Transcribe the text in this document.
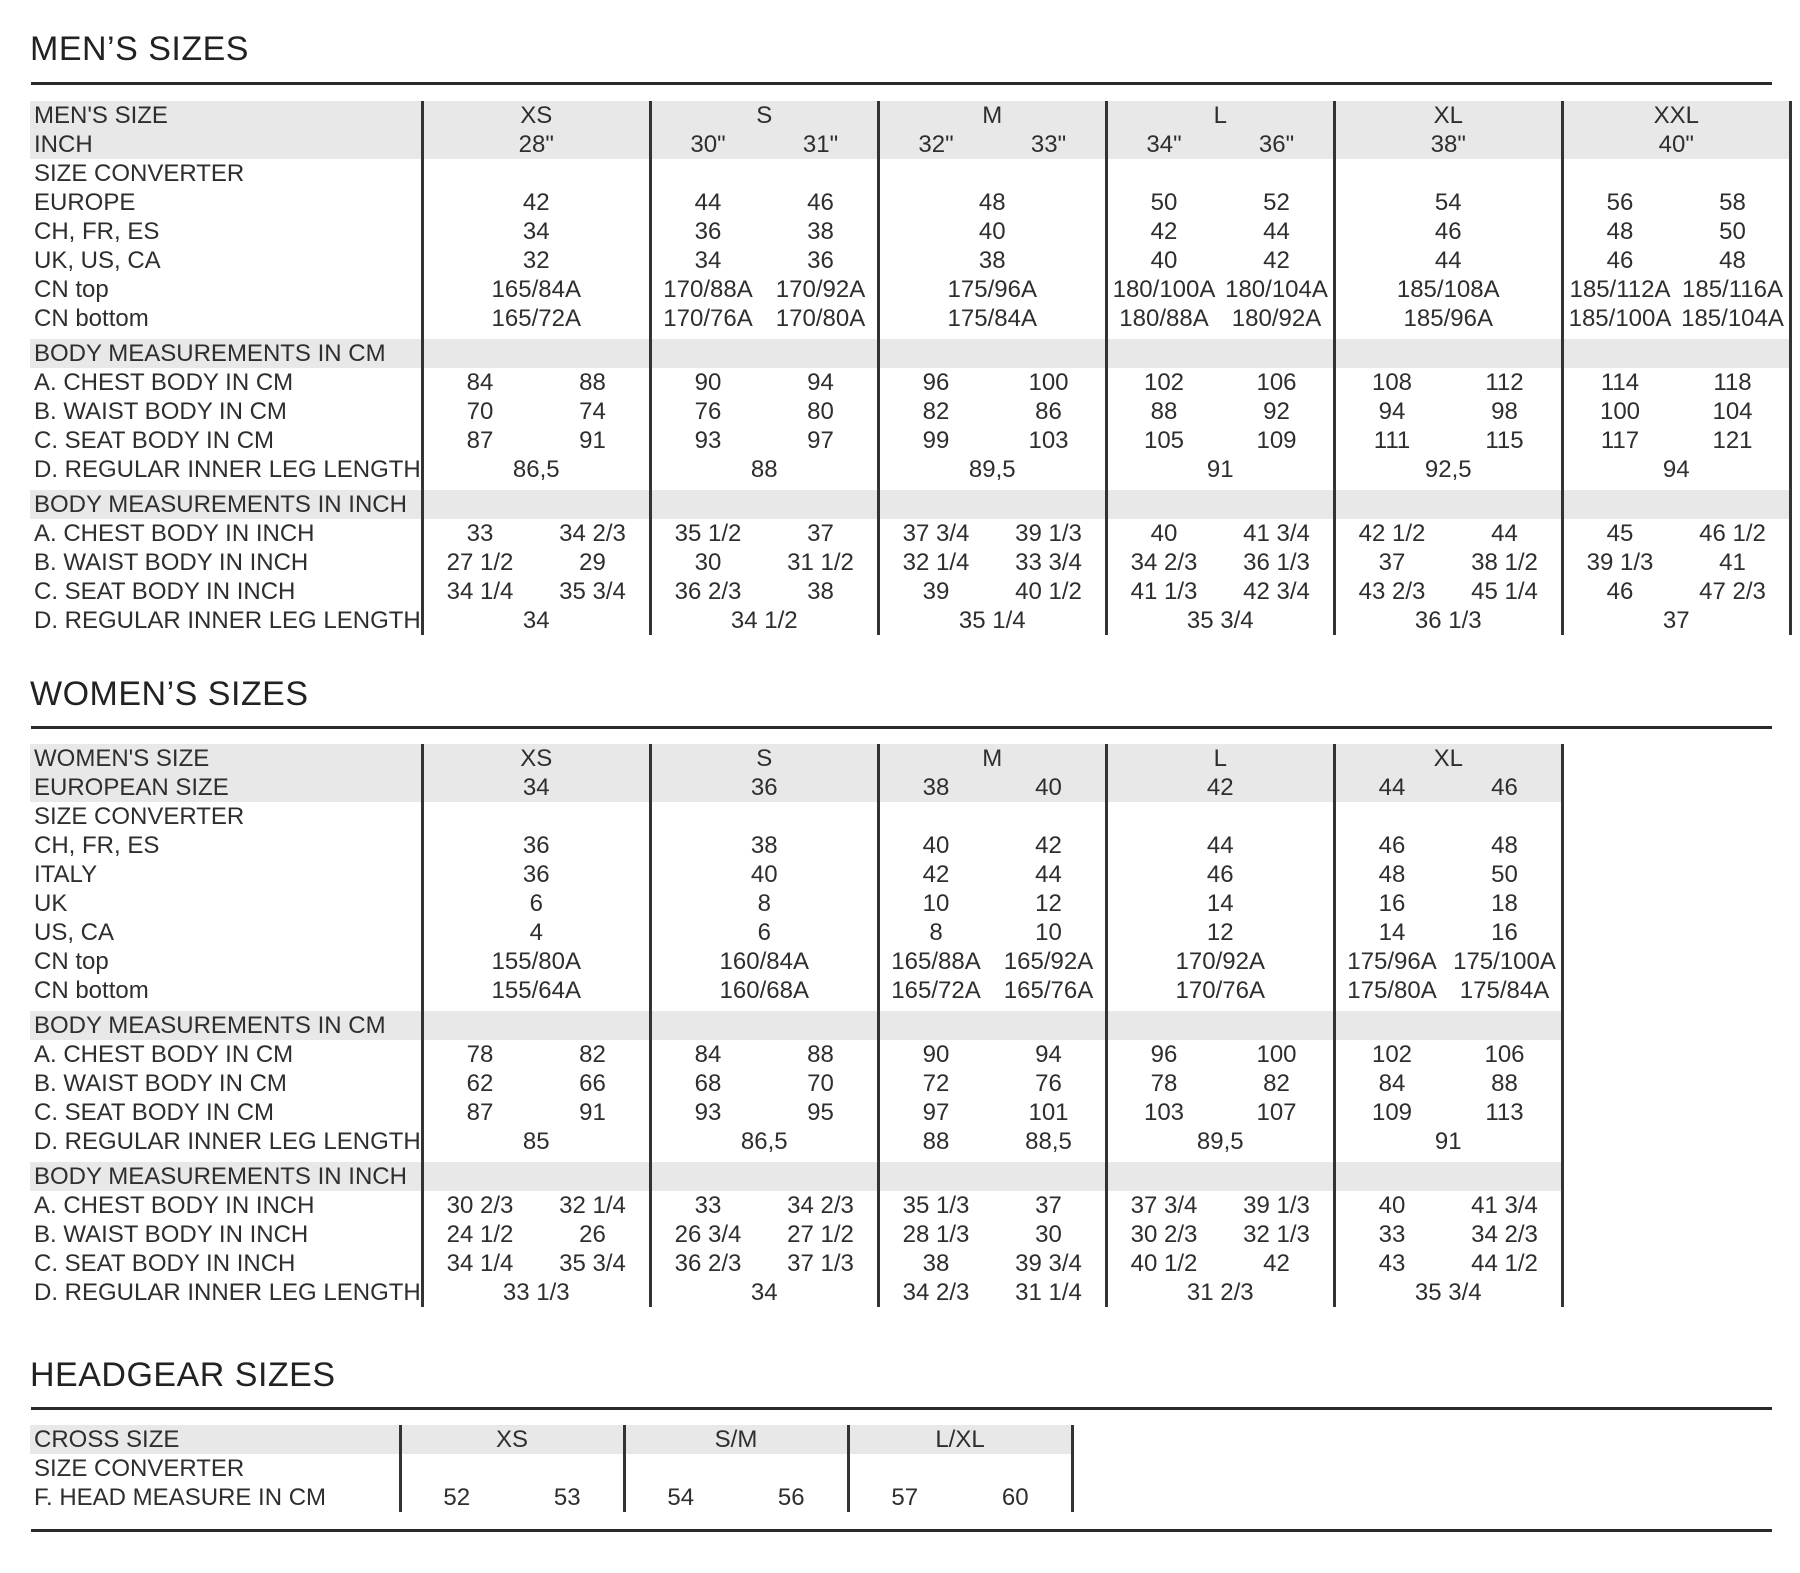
MEN’S SIZES
MEN'S SIZE	XS		S		M		L		XL		XXL	
INCH	28"		30"	31"	32"	33"	34"	36"	38"		40"	
SIZE CONVERTER												
EUROPE	42		44	46	48		50	52	54		56	58
CH, FR, ES	34		36	38	40		42	44	46		48	50
UK, US, CA	32		34	36	38		40	42	44		46	48
CN top	165/84A		170/88A	170/92A	175/96A		180/100A	180/104A	185/108A		185/112A	185/116A
CN bottom	165/72A		170/76A	170/80A	175/84A		180/88A	180/92A	185/96A		185/100A	185/104A

BODY MEASUREMENTS IN CM												
A. CHEST BODY IN CM	84	88	90	94	96	100	102	106	108	112	114	118
B. WAIST BODY IN CM	70	74	76	80	82	86	88	92	94	98	100	104
C. SEAT BODY IN CM	87	91	93	97	99	103	105	109	111	115	117	121
D. REGULAR INNER LEG LENGTH	86,5		88		89,5		91		92,5		94	

BODY MEASUREMENTS IN INCH												
A. CHEST BODY IN INCH	33	34 2/3	35 1/2	37	37 3/4	39 1/3	40	41 3/4	42 1/2	44	45	46 1/2
B. WAIST BODY IN INCH	27 1/2	29	30	31 1/2	32 1/4	33 3/4	34 2/3	36 1/3	37	38 1/2	39 1/3	41
C. SEAT BODY IN INCH	34 1/4	35 3/4	36 2/3	38	39	40 1/2	41 1/3	42 3/4	43 2/3	45 1/4	46	47 2/3
D. REGULAR INNER LEG LENGTH	34		34 1/2		35 1/4		35 3/4		36 1/3		37	
WOMEN’S SIZES
WOMEN'S SIZE	XS		S		M		L		XL	
EUROPEAN SIZE	34		36		38	40	42		44	46
SIZE CONVERTER										
CH, FR, ES	36		38		40	42	44		46	48
ITALY	36		40		42	44	46		48	50
UK	6		8		10	12	14		16	18
US, CA	4		6		8	10	12		14	16
CN top	155/80A		160/84A		165/88A	165/92A	170/92A		175/96A	175/100A
CN bottom	155/64A		160/68A		165/72A	165/76A	170/76A		175/80A	175/84A

BODY MEASUREMENTS IN CM										
A. CHEST BODY IN CM	78	82	84	88	90	94	96	100	102	106
B. WAIST BODY IN CM	62	66	68	70	72	76	78	82	84	88
C. SEAT BODY IN CM	87	91	93	95	97	101	103	107	109	113
D. REGULAR INNER LEG LENGTH	85		86,5		88	88,5	89,5		91	

BODY MEASUREMENTS IN INCH										
A. CHEST BODY IN INCH	30 2/3	32 1/4	33	34 2/3	35 1/3	37	37 3/4	39 1/3	40	41 3/4
B. WAIST BODY IN INCH	24 1/2	26	26 3/4	27 1/2	28 1/3	30	30 2/3	32 1/3	33	34 2/3
C. SEAT BODY IN INCH	34 1/4	35 3/4	36 2/3	37 1/3	38	39 3/4	40 1/2	42	43	44 1/2
D. REGULAR INNER LEG LENGTH	33 1/3		34		34 2/3	31 1/4	31 2/3		35 3/4	
HEADGEAR SIZES
CROSS SIZE	XS		S/M		L/XL	
SIZE CONVERTER						
F. HEAD MEASURE IN CM	52	53	54	56	57	60
